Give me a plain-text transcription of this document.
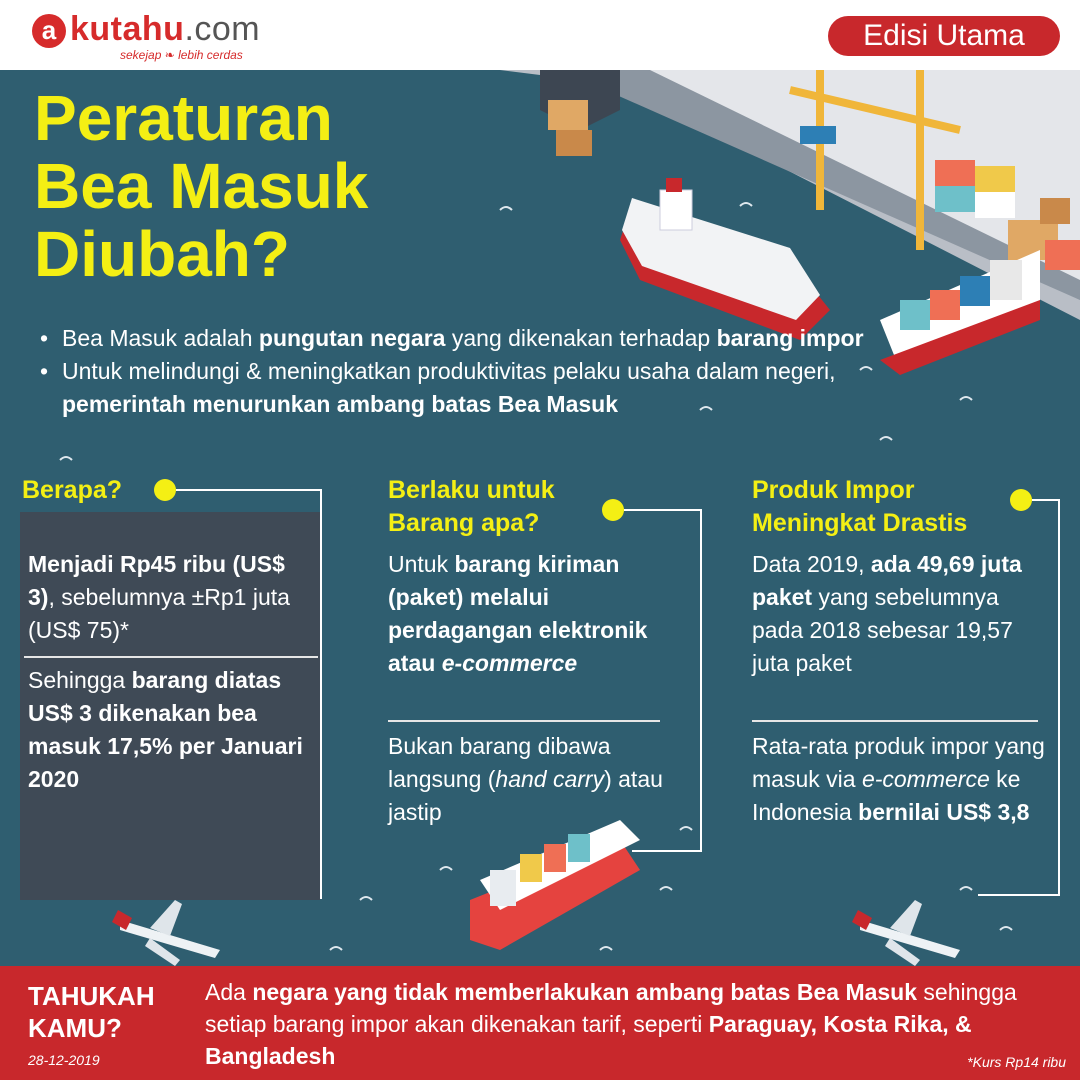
a kutahu.com
sekejap ❧ lebih cerdas
Edisi Utama
Peraturan
Bea Masuk
Diubah?
• Bea Masuk adalah pungutan negara yang dikenakan terhadap barang impor
• Untuk melindungi & meningkatkan produktivitas pelaku usaha dalam negeri, pemerintah menurunkan ambang batas Bea Masuk
Berapa?
Menjadi Rp45 ribu (US$ 3), sebelumnya ±Rp1 juta (US$ 75)*
Sehingga barang diatas US$ 3 dikenakan bea masuk 17,5% per Januari 2020
Berlaku untuk
Barang apa?
Untuk barang kiriman (paket) melalui perdagangan elektronik atau e-commerce
Bukan barang dibawa langsung (hand carry) atau jastip
Produk Impor
Meningkat Drastis
Data 2019, ada 49,69 juta paket yang sebelumnya pada 2018 sebesar 19,57 juta paket
Rata-rata produk impor yang masuk via e-commerce ke Indonesia bernilai US$ 3,8
TAHUKAH
KAMU?
28-12-2019
Ada negara yang tidak memberlakukan ambang batas Bea Masuk sehingga setiap barang impor akan dikenakan tarif, seperti Paraguay, Kosta Rika, & Bangladesh	*Kurs Rp14 ribu
